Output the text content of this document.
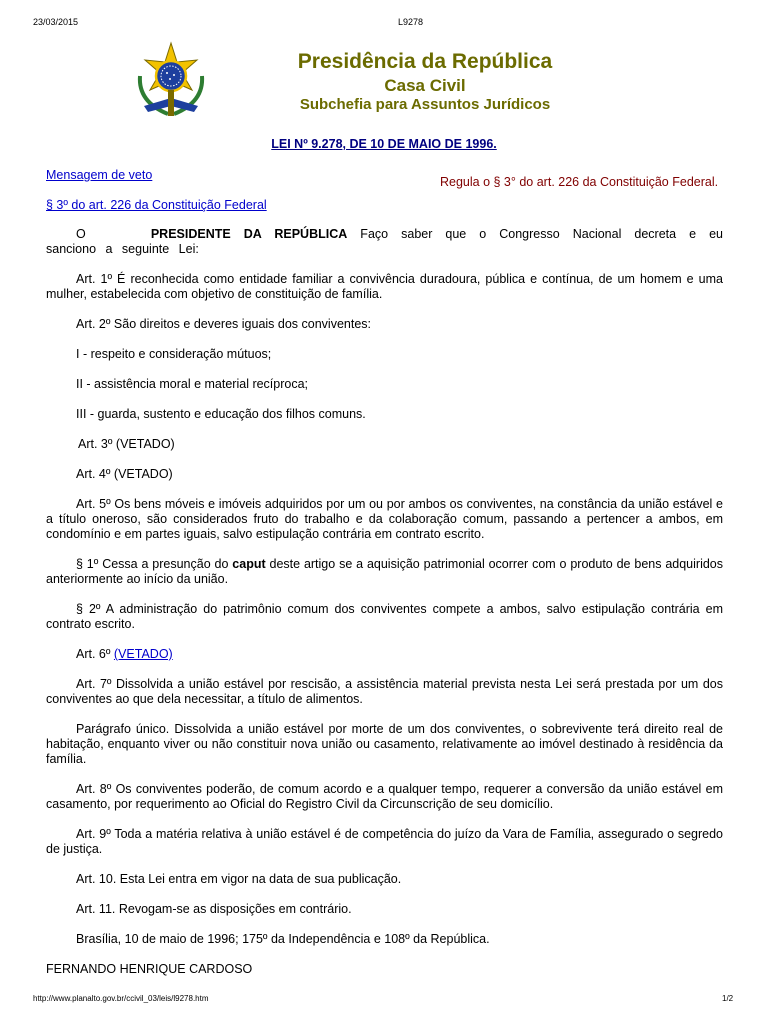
23/03/2015	L9278
Presidência da República
Casa Civil
Subchefia para Assuntos Jurídicos
LEI Nº 9.278, DE 10 DE MAIO DE 1996.
Mensagem de veto
§ 3º do art. 226 da Constituição Federal
Regula o § 3° do art. 226 da Constituição Federal.

O	PRESIDENTE DA REPÚBLICA Faço saber que o Congresso Nacional decreta e eu sanciono a seguinte Lei:

Art. 1º É reconhecida como entidade familiar a convivência duradoura, pública e contínua, de um homem e uma mulher, estabelecida com objetivo de constituição de família.

Art. 2º São direitos e deveres iguais dos conviventes:

I - respeito e consideração mútuos;

II - assistência moral e material recíproca;

III - guarda, sustento e educação dos filhos comuns.

Art. 3º (VETADO)

Art. 4º (VETADO)

Art. 5º Os bens móveis e imóveis adquiridos por um ou por ambos os conviventes, na constância da união estável e a título oneroso, são considerados fruto do trabalho e da colaboração comum, passando a pertencer a ambos, em condomínio e em partes iguais, salvo estipulação contrária em contrato escrito.

§ 1º Cessa a presunção do caput deste artigo se a aquisição patrimonial ocorrer com o produto de bens adquiridos anteriormente ao início da união.

§ 2º A administração do patrimônio comum dos conviventes compete a ambos, salvo estipulação contrária em contrato escrito.

Art. 6º (VETADO)

Art. 7º Dissolvida a união estável por rescisão, a assistência material prevista nesta Lei será prestada por um dos conviventes ao que dela necessitar, a título de alimentos.

Parágrafo único. Dissolvida a união estável por morte de um dos conviventes, o sobrevivente terá direito real de habitação, enquanto viver ou não constituir nova união ou casamento, relativamente ao imóvel destinado à residência da família.

Art. 8º Os conviventes poderão, de comum acordo e a qualquer tempo, requerer a conversão da união estável em casamento, por requerimento ao Oficial do Registro Civil da Circunscrição de seu domicílio.

Art. 9º Toda a matéria relativa à união estável é de competência do juízo da Vara de Família, assegurado o segredo de justiça.

Art. 10. Esta Lei entra em vigor na data de sua publicação.

Art. 11. Revogam-se as disposições em contrário.

Brasília, 10 de maio de 1996; 175º da Independência e 108º da República.

FERNANDO HENRIQUE CARDOSO

http://www.planalto.gov.br/ccivil_03/leis/l9278.htm	1/2
